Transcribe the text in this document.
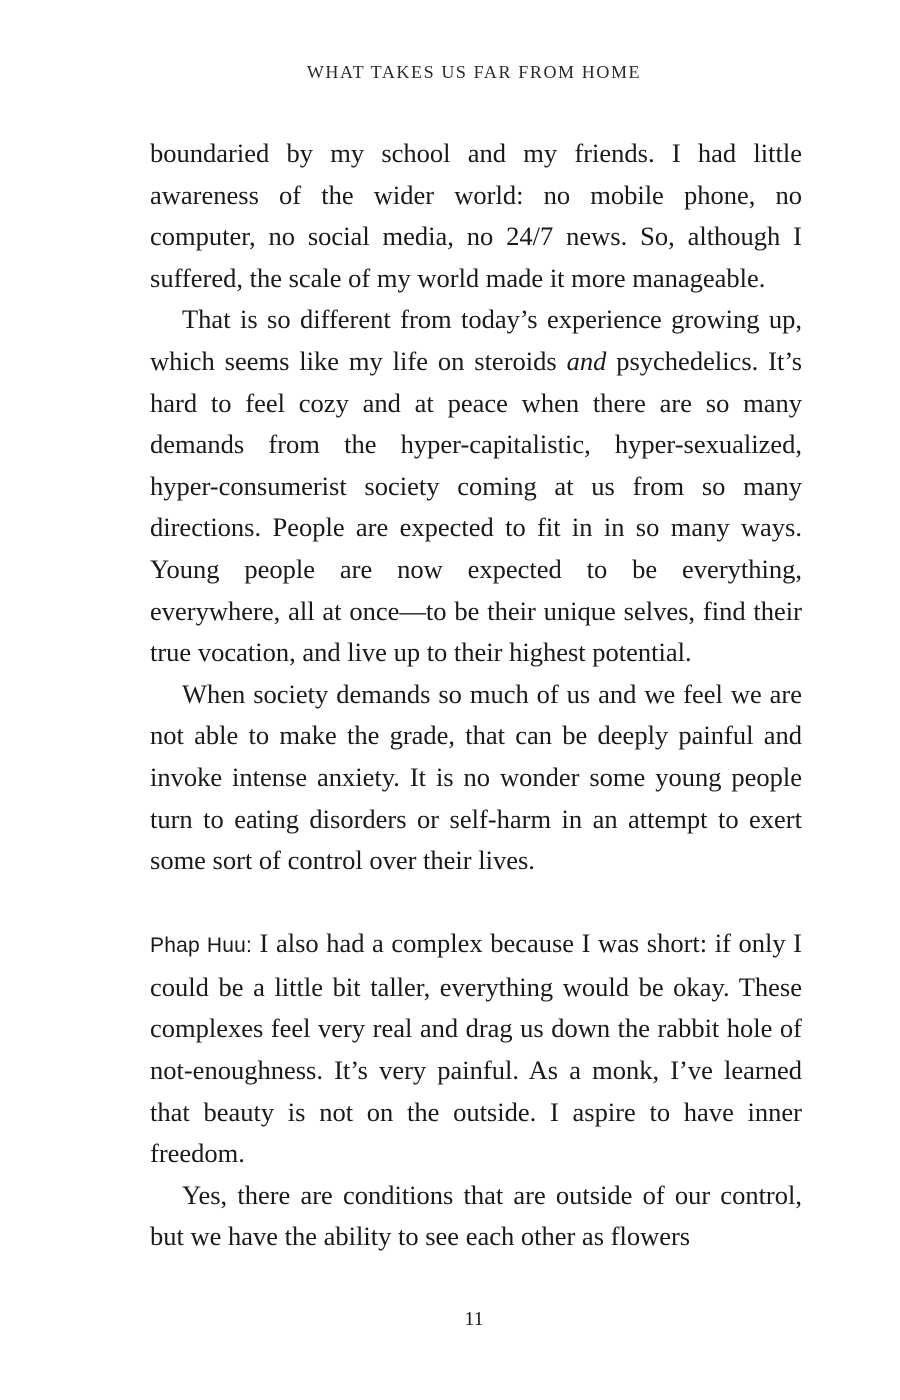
WHAT TAKES US FAR FROM HOME

boundaried by my school and my friends. I had little awareness of the wider world: no mobile phone, no computer, no social media, no 24/7 news. So, although I suffered, the scale of my world made it more manageable.

That is so different from today’s experience growing up, which seems like my life on steroids and psychedelics. It’s hard to feel cozy and at peace when there are so many demands from the hyper-capitalistic, hyper-sexualized, hyper-consumerist society coming at us from so many directions. People are expected to fit in in so many ways. Young people are now expected to be everything, everywhere, all at once—to be their unique selves, find their true vocation, and live up to their highest potential.

When society demands so much of us and we feel we are not able to make the grade, that can be deeply painful and invoke intense anxiety. It is no wonder some young people turn to eating disorders or self-harm in an attempt to exert some sort of control over their lives.

Phap Huu: I also had a complex because I was short: if only I could be a little bit taller, everything would be okay. These complexes feel very real and drag us down the rabbit hole of not-enoughness. It’s very painful. As a monk, I’ve learned that beauty is not on the outside. I aspire to have inner freedom.

Yes, there are conditions that are outside of our control, but we have the ability to see each other as flowers

11
